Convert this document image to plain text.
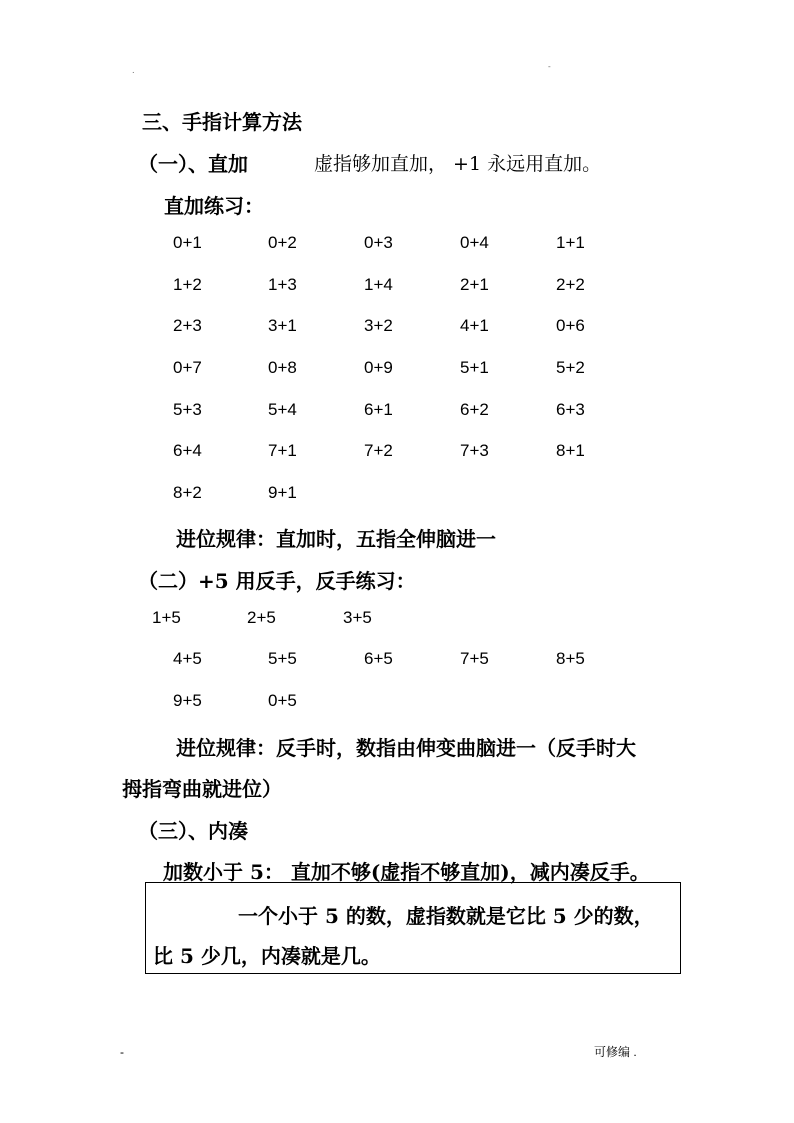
.	-
三、手指计算方法
（一）、直加	虚指够加直加， +1 永远用直加。
直加练习：
0+1	0+2	0+3	0+4	1+1
1+2	1+3	1+4	2+1	2+2
2+3	3+1	3+2	4+1	0+6
0+7	0+8	0+9	5+1	5+2
5+3	5+4	6+1	6+2	6+3
6+4	7+1	7+2	7+3	8+1
8+2	9+1
进位规律：直加时，五指全伸脑进一
（二）+5 用反手，反手练习：
1+5	2+5	3+5
4+5	5+5	6+5	7+5	8+5
9+5	0+5
进位规律：反手时，数指由伸变曲脑进一（反手时大
拇指弯曲就进位）
（三）、内凑
加数小于 5： 直加不够(虚指不够直加)，减内凑反手。
一个小于 5 的数，虚指数就是它比 5 少的数，
比 5 少几，内凑就是几。
-	可修编 .
